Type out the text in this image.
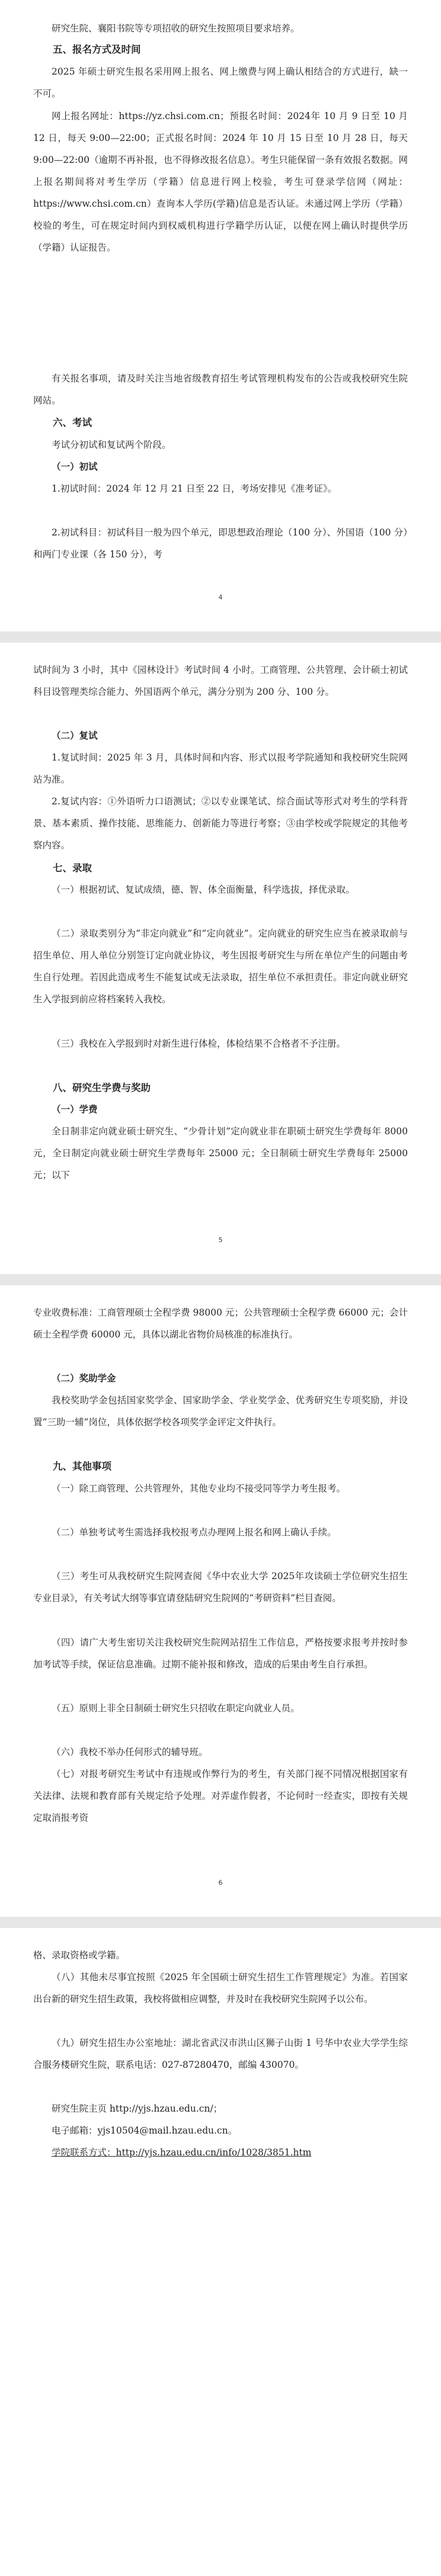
研究生院、襄阳书院等专项招收的研究生按照项目要求培养。

五、报名方式及时间

2025 年硕士研究生报名采用网上报名、网上缴费与网上确认相结合的方式进行，缺一不可。

网上报名网址：https://yz.chsi.com.cn；预报名时间：2024年 10 月 9 日至 10 月 12 日，每天 9:00—22:00；正式报名时间：2024 年 10 月 15 日至 10 月 28 日，每天 9:00—22:00（逾期不再补报，也不得修改报名信息）。考生只能保留一条有效报名数据。网上报名期间将对考生学历（学籍）信息进行网上校验，考生可登录学信网（网址：https://www.chsi.com.cn）查询本人学历(学籍)信息是否认证。未通过网上学历（学籍）校验的考生，可在规定时间内到权威机构进行学籍学历认证，以便在网上确认时提供学历（学籍）认证报告。

有关报名事项，请及时关注当地省级教育招生考试管理机构发布的公告或我校研究生院网站。

六、考试

考试分初试和复试两个阶段。

（一）初试

1.初试时间：2024 年 12 月 21 日至 22 日，考场安排见《准考证》。

2.初试科目：初试科目一般为四个单元，即思想政治理论（100 分）、外国语（100 分）和两门专业课（各 150 分），考

4

试时间为 3 小时，其中《园林设计》考试时间 4 小时。工商管理、公共管理、会计硕士初试科目设管理类综合能力、外国语两个单元，满分分别为 200 分、100 分。

（二）复试

1.复试时间：2025 年 3 月，具体时间和内容、形式以报考学院通知和我校研究生院网站为准。

2.复试内容：①外语听力口语测试；②以专业课笔试、综合面试等形式对考生的学科背景、基本素质、操作技能、思维能力、创新能力等进行考察；③由学校或学院规定的其他考察内容。

七、录取

（一）根据初试、复试成绩，德、智、体全面衡量，科学选拔，择优录取。

（二）录取类别分为“非定向就业”和“定向就业”。定向就业的研究生应当在被录取前与招生单位、用人单位分别签订定向就业协议，考生因报考研究生与所在单位产生的问题由考生自行处理。若因此造成考生不能复试或无法录取，招生单位不承担责任。非定向就业研究生入学报到前应将档案转入我校。

（三）我校在入学报到时对新生进行体检，体检结果不合格者不予注册。

八、研究生学费与奖助

（一）学费

全日制非定向就业硕士研究生、“少骨计划”定向就业非在职硕士研究生学费每年 8000 元，全日制定向就业硕士研究生学费每年 25000 元；全日制硕士研究生学费每年 25000 元；以下

5

专业收费标准：工商管理硕士全程学费 98000 元；公共管理硕士全程学费 66000 元；会计硕士全程学费 60000 元，具体以湖北省物价局核准的标准执行。

（二）奖助学金

我校奖助学金包括国家奖学金、国家助学金、学业奖学金、优秀研究生专项奖励，并设置“三助一辅”岗位，具体依据学校各项奖学金评定文件执行。

九、其他事项

（一）除工商管理、公共管理外，其他专业均不接受同等学力考生报考。

（二）单独考试考生需选择我校报考点办理网上报名和网上确认手续。

（三）考生可从我校研究生院网查阅《华中农业大学 2025年攻读硕士学位研究生招生专业目录》，有关考试大纲等事宜请登陆研究生院网的“考研资料”栏目查阅。

（四）请广大考生密切关注我校研究生院网站招生工作信息，严格按要求报考并按时参加考试等手续，保证信息准确。过期不能补报和修改，造成的后果由考生自行承担。

（五）原则上非全日制硕士研究生只招收在职定向就业人员。

（六）我校不举办任何形式的辅导班。

（七）对报考研究生考试中有违规或作弊行为的考生，有关部门视不同情况根据国家有关法律、法规和教育部有关规定给予处理。对弄虚作假者，不论何时一经查实，即按有关规定取消报考资

6

格、录取资格或学籍。

（八）其他未尽事宜按照《2025 年全国硕士研究生招生工作管理规定》为准。若国家出台新的研究生招生政策，我校将做相应调整，并及时在我校研究生院网予以公布。

（九）研究生招生办公室地址：湖北省武汉市洪山区狮子山街 1 号华中农业大学学生综合服务楼研究生院，联系电话：027-87280470，邮编 430070。

研究生院主页 http://yjs.hzau.edu.cn/；

电子邮箱：yjs10504@mail.hzau.edu.cn。

学院联系方式：http://yjs.hzau.edu.cn/info/1028/3851.htm
